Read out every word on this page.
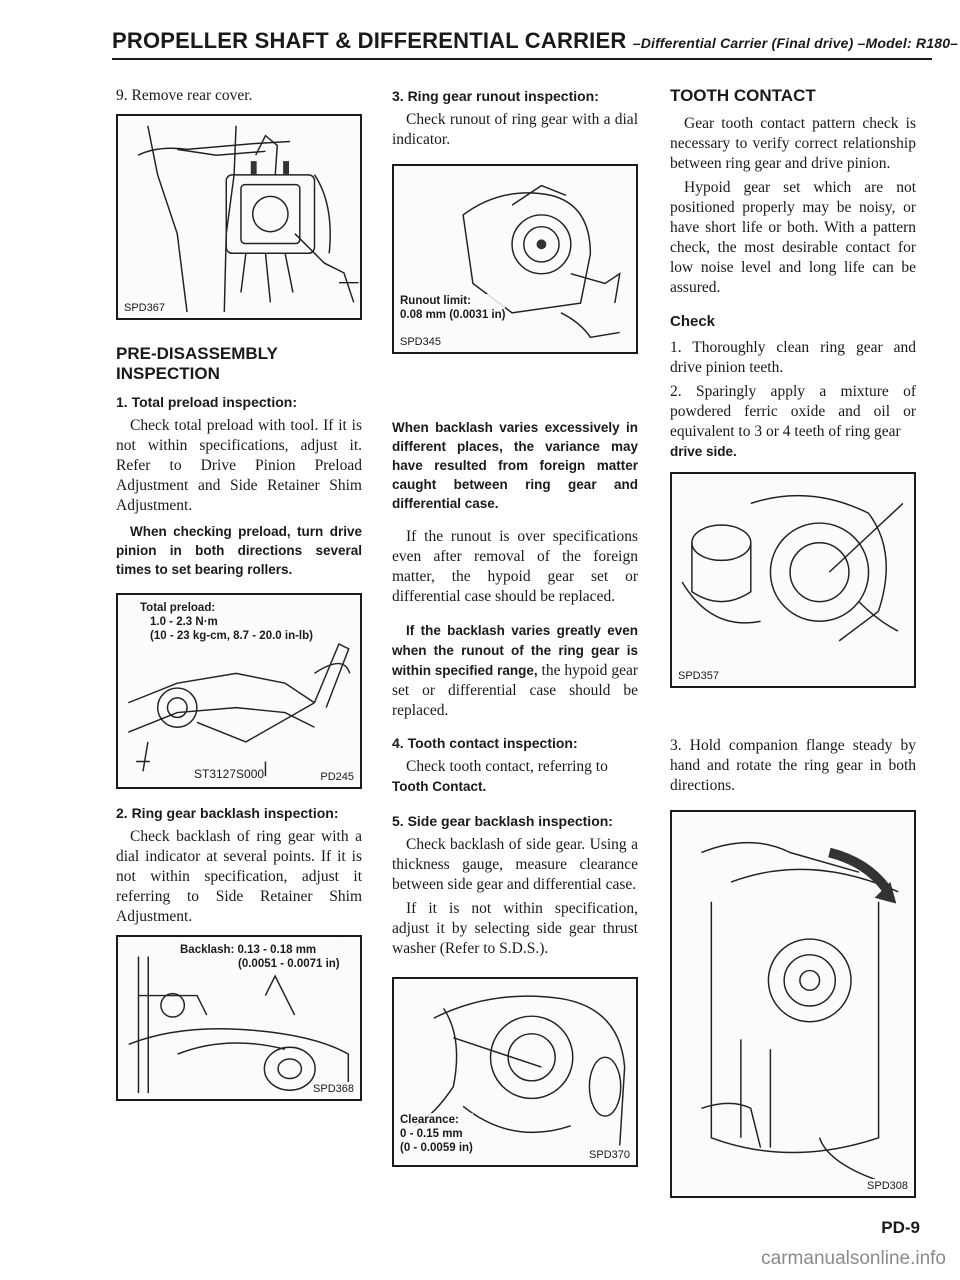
PROPELLER SHAFT & DIFFERENTIAL CARRIER –Differential Carrier (Final drive) –Model: R180–

9. Remove rear cover.

SPD367
PRE-DISASSEMBLY INSPECTION

1. Total preload inspection:

Check total preload with tool. If it is not within specifications, adjust it. Refer to Drive Pinion Preload Adjustment and Side Retainer Shim Adjustment.

When checking preload, turn drive pinion in both directions several times to set bearing rollers.

Total preload:
1.0 - 2.3 N·m
(10 - 23 kg-cm, 8.7 - 20.0 in-lb)
ST3127S000	PD245

2. Ring gear backlash inspection:

Check backlash of ring gear with a dial indicator at several points. If it is not within specification, adjust it referring to Side Retainer Shim Adjustment.

Backlash: 0.13 - 0.18 mm
(0.0051 - 0.0071 in)
SPD368

3. Ring gear runout inspection:

Check runout of ring gear with a dial indicator.

Runout limit:
0.08 mm (0.0031 in)
SPD345

When backlash varies excessively in different places, the variance may have resulted from foreign matter caught between ring gear and differential case.

If the runout is over specifications even after removal of the foreign matter, the hypoid gear set or differential case should be replaced.

If the backlash varies greatly even when the runout of the ring gear is within specified range, the hypoid gear set or differential case should be replaced.

4. Tooth contact inspection:

Check tooth contact, referring to

Tooth Contact.

5. Side gear backlash inspection:

Check backlash of side gear. Using a thickness gauge, measure clearance between side gear and differential case.

If it is not within specification, adjust it by selecting side gear thrust washer (Refer to S.D.S.).

Clearance:
0 - 0.15 mm
(0 - 0.0059 in)
SPD370
TOOTH CONTACT

Gear tooth contact pattern check is necessary to verify correct relationship between ring gear and drive pinion.

Hypoid gear set which are not positioned properly may be noisy, or have short life or both. With a pattern check, the most desirable contact for low noise level and long life can be assured.

Check

1. Thoroughly clean ring gear and drive pinion teeth.

2. Sparingly apply a mixture of powdered ferric oxide and oil or equivalent to 3 or 4 teeth of ring gear

drive side.

SPD357

3. Hold companion flange steady by hand and rotate the ring gear in both directions.

SPD308
PD-9
carmanualsonline.info
